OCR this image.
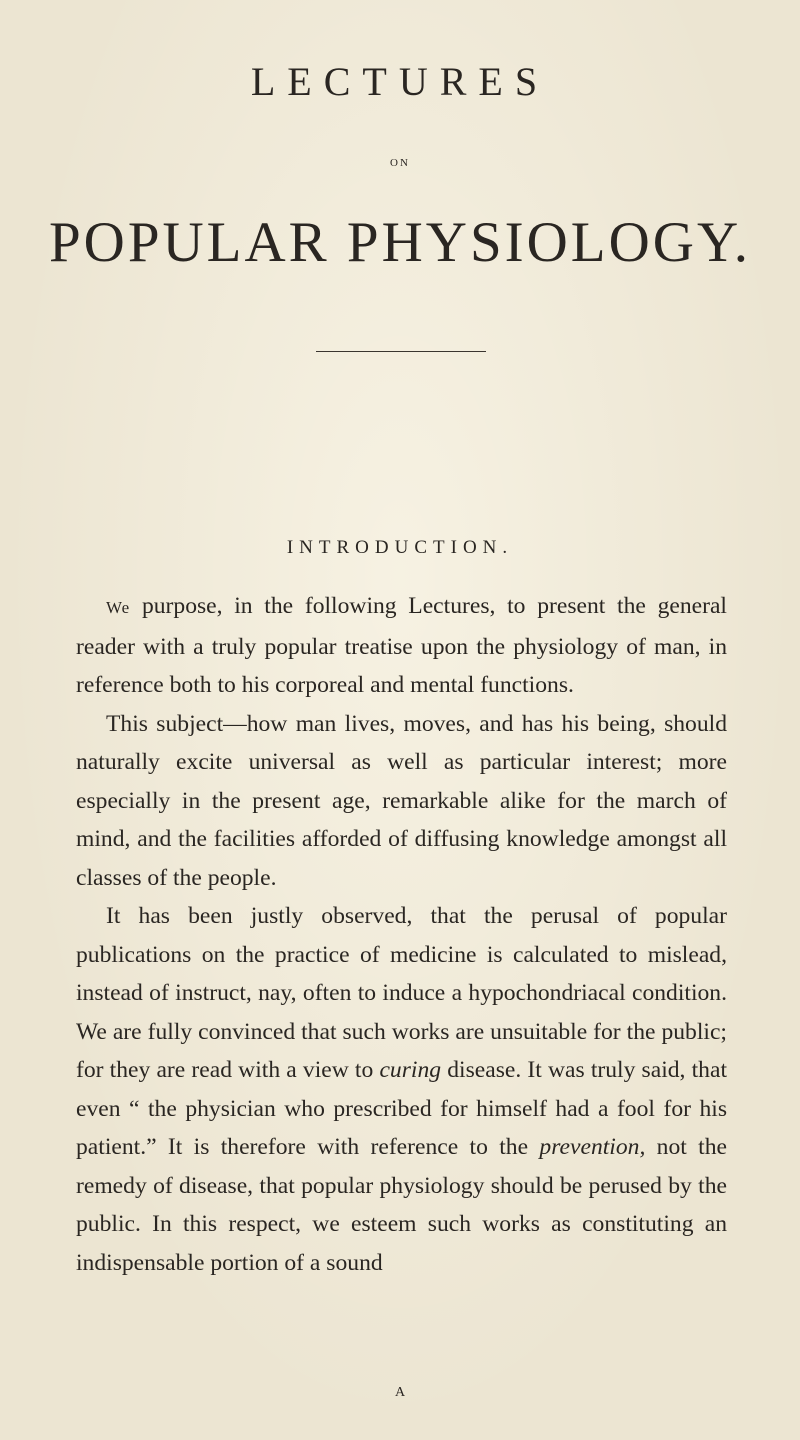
LECTURES
ON
POPULAR PHYSIOLOGY.
INTRODUCTION.

We purpose, in the following Lectures, to present the general reader with a truly popular treatise upon the physiology of man, in reference both to his corporeal and mental functions.

This subject—how man lives, moves, and has his being, should naturally excite universal as well as particular interest; more especially in the present age, remarkable alike for the march of mind, and the facilities afforded of diffusing knowledge amongst all classes of the people.

It has been justly observed, that the perusal of popular publications on the practice of medicine is calculated to mislead, instead of instruct, nay, often to induce a hypochondriacal condition. We are fully convinced that such works are unsuitable for the public; for they are read with a view to curing disease. It was truly said, that even “ the physician who prescribed for himself had a fool for his patient.” It is therefore with reference to the prevention, not the remedy of disease, that popular physiology should be perused by the public. In this respect, we esteem such works as constituting an indispensable portion of a sound

A
